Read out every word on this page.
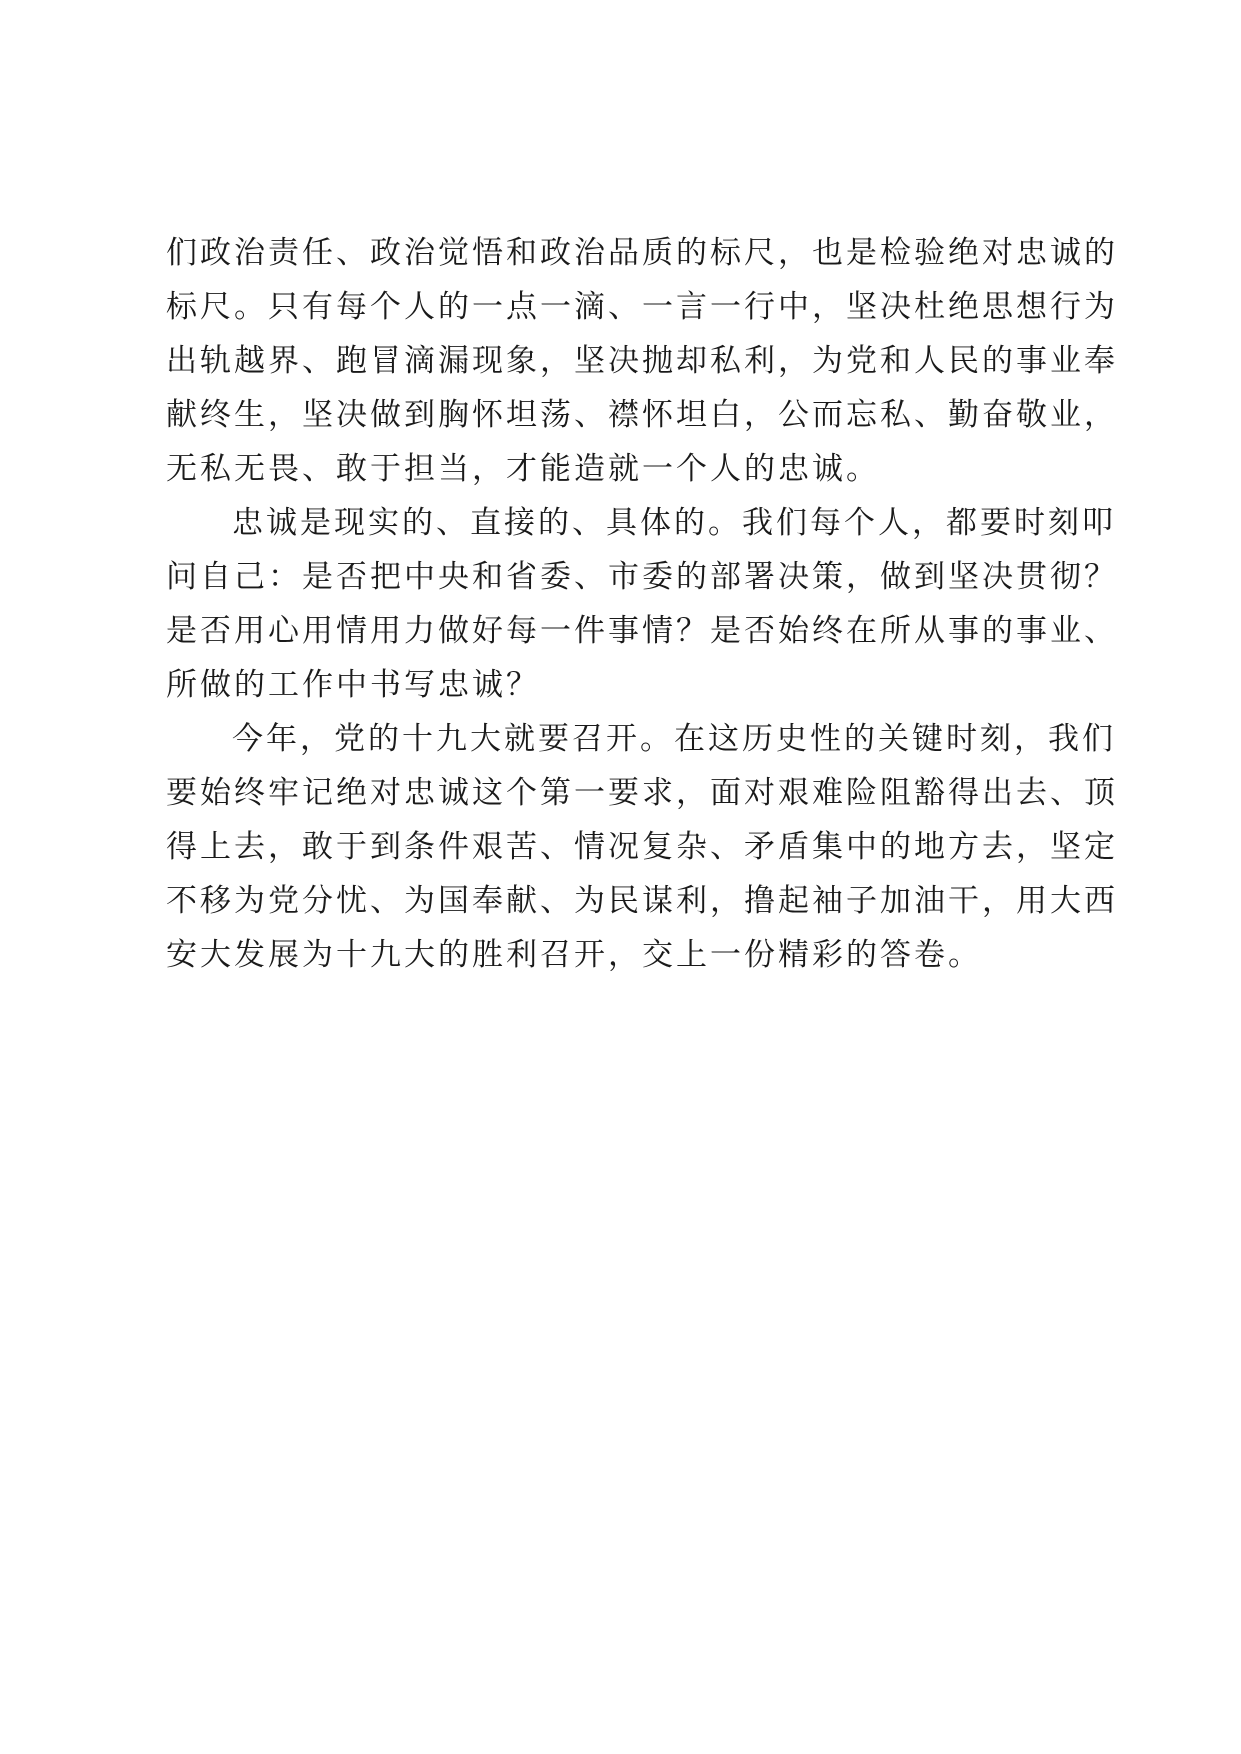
们政治责任、政治觉悟和政治品质的标尺，也是检验绝对忠诚的
标尺。只有每个人的一点一滴、一言一行中，坚决杜绝思想行为
出轨越界、跑冒滴漏现象，坚决抛却私利，为党和人民的事业奉
献终生，坚决做到胸怀坦荡、襟怀坦白，公而忘私、勤奋敬业，
无私无畏、敢于担当，才能造就一个人的忠诚。

忠诚是现实的、直接的、具体的。我们每个人，都要时刻叩
问自己：是否把中央和省委、市委的部署决策，做到坚决贯彻？
是否用心用情用力做好每一件事情？是否始终在所从事的事业、
所做的工作中书写忠诚？

今年，党的十九大就要召开。在这历史性的关键时刻，我们
要始终牢记绝对忠诚这个第一要求，面对艰难险阻豁得出去、顶
得上去，敢于到条件艰苦、情况复杂、矛盾集中的地方去，坚定
不移为党分忧、为国奉献、为民谋利，撸起袖子加油干，用大西
安大发展为十九大的胜利召开，交上一份精彩的答卷。
